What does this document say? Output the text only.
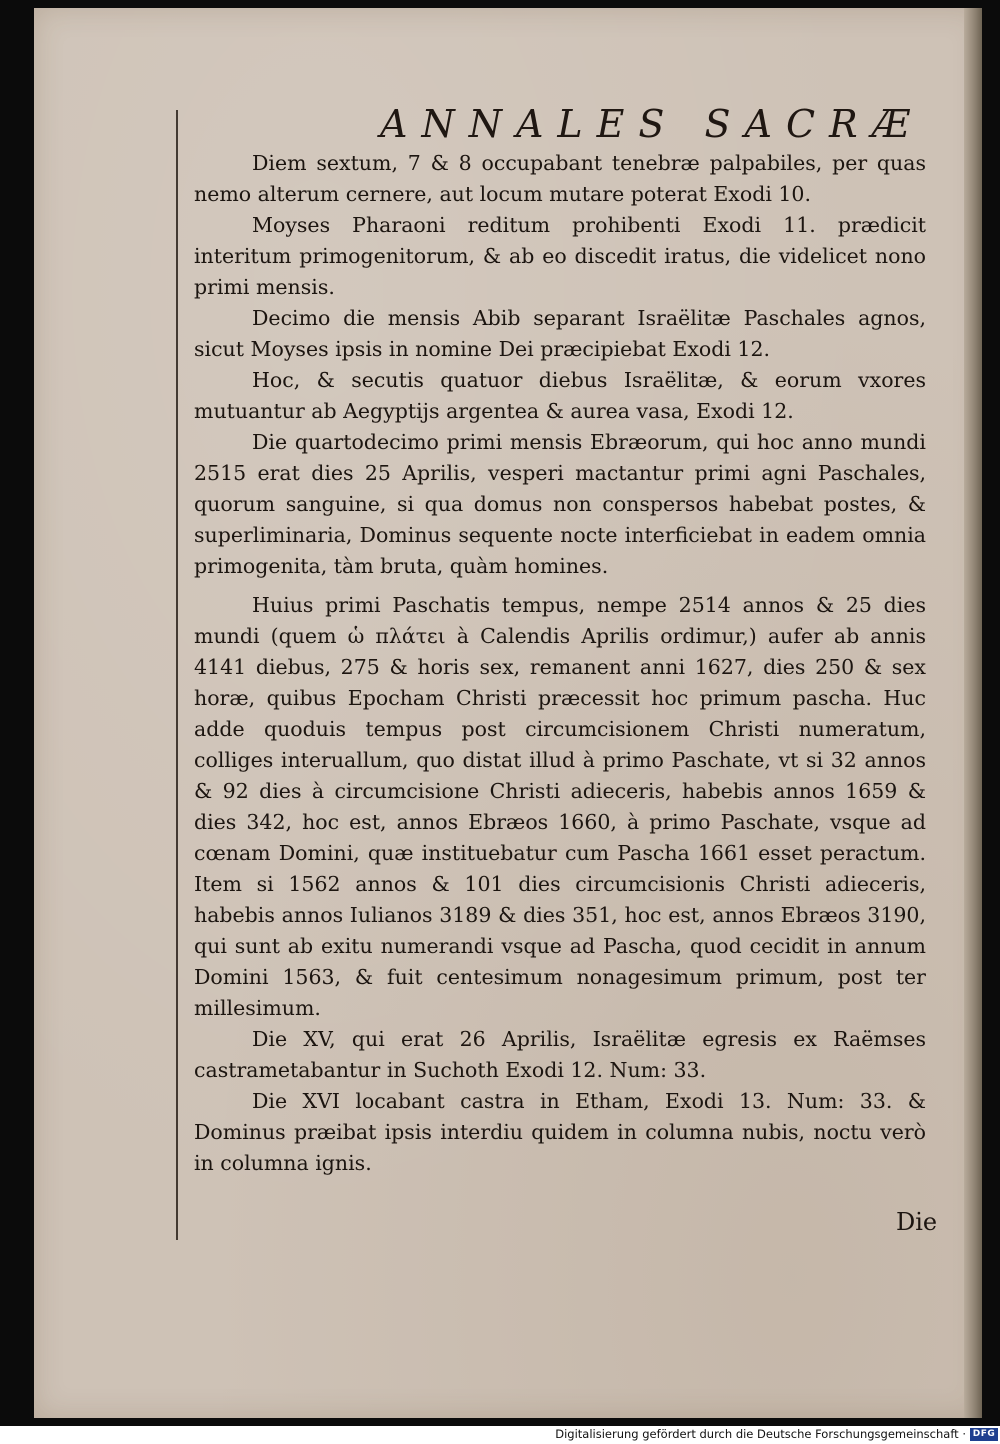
ANNALES SACRÆ

Diem sextum, 7 & 8 occupabant tenebræ palpabiles, per quas nemo alterum cernere, aut locum mutare poterat Exodi 10.

Moyses Pharaoni reditum prohibenti Exodi 11. prædicit interitum primogenitorum, & ab eo discedit iratus, die videlicet nono primi mensis.

Decimo die mensis Abib separant Israëlitæ Paschales agnos, sicut Moyses ipsis in nomine Dei præcipiebat Exodi 12.

Hoc, & secutis quatuor diebus Israëlitæ, & eorum vxores mutuantur ab Aegyptijs argentea & aurea vasa, Exodi 12.

Die quartodecimo primi mensis Ebræorum, qui hoc anno mundi 2515 erat dies 25 Aprilis, vesperi mactantur primi agni Paschales, quorum sanguine, si qua domus non conspersos habebat postes, & superliminaria, Dominus sequente nocte interficiebat in eadem omnia primogenita, tàm bruta, quàm homines.

Huius primi Paschatis tempus, nempe 2514 annos & 25 dies mundi (quem ὡ πλάτει à Calendis Aprilis ordimur,) aufer ab annis 4141 diebus, 275 & horis sex, remanent anni 1627, dies 250 & sex horæ, quibus Epocham Christi præcessit hoc primum pascha. Huc adde quoduis tempus post circumcisionem Christi numeratum, colliges interuallum, quo distat illud à primo Paschate, vt si 32 annos & 92 dies à circumcisione Christi adieceris, habebis annos 1659 & dies 342, hoc est, annos Ebræos 1660, à primo Paschate, vsque ad cœnam Domini, quæ instituebatur cum Pascha 1661 esset peractum. Item si 1562 annos & 101 dies circumcisionis Christi adieceris, habebis annos Iulianos 3189 & dies 351, hoc est, annos Ebræos 3190, qui sunt ab exitu numerandi vsque ad Pascha, quod cecidit in annum Domini 1563, & fuit centesimum nonagesimum primum, post ter millesimum.

Die XV, qui erat 26 Aprilis, Israëlitæ egresis ex Raëmses castrametabantur in Suchoth Exodi 12. Num: 33.

Die XVI locabant castra in Etham, Exodi 13. Num: 33. & Dominus præibat ipsis interdiu quidem in columna nubis, noctu verò in columna ignis.

Die
Digitalisierung gefördert durch die Deutsche Forschungsgemeinschaft · DFG
